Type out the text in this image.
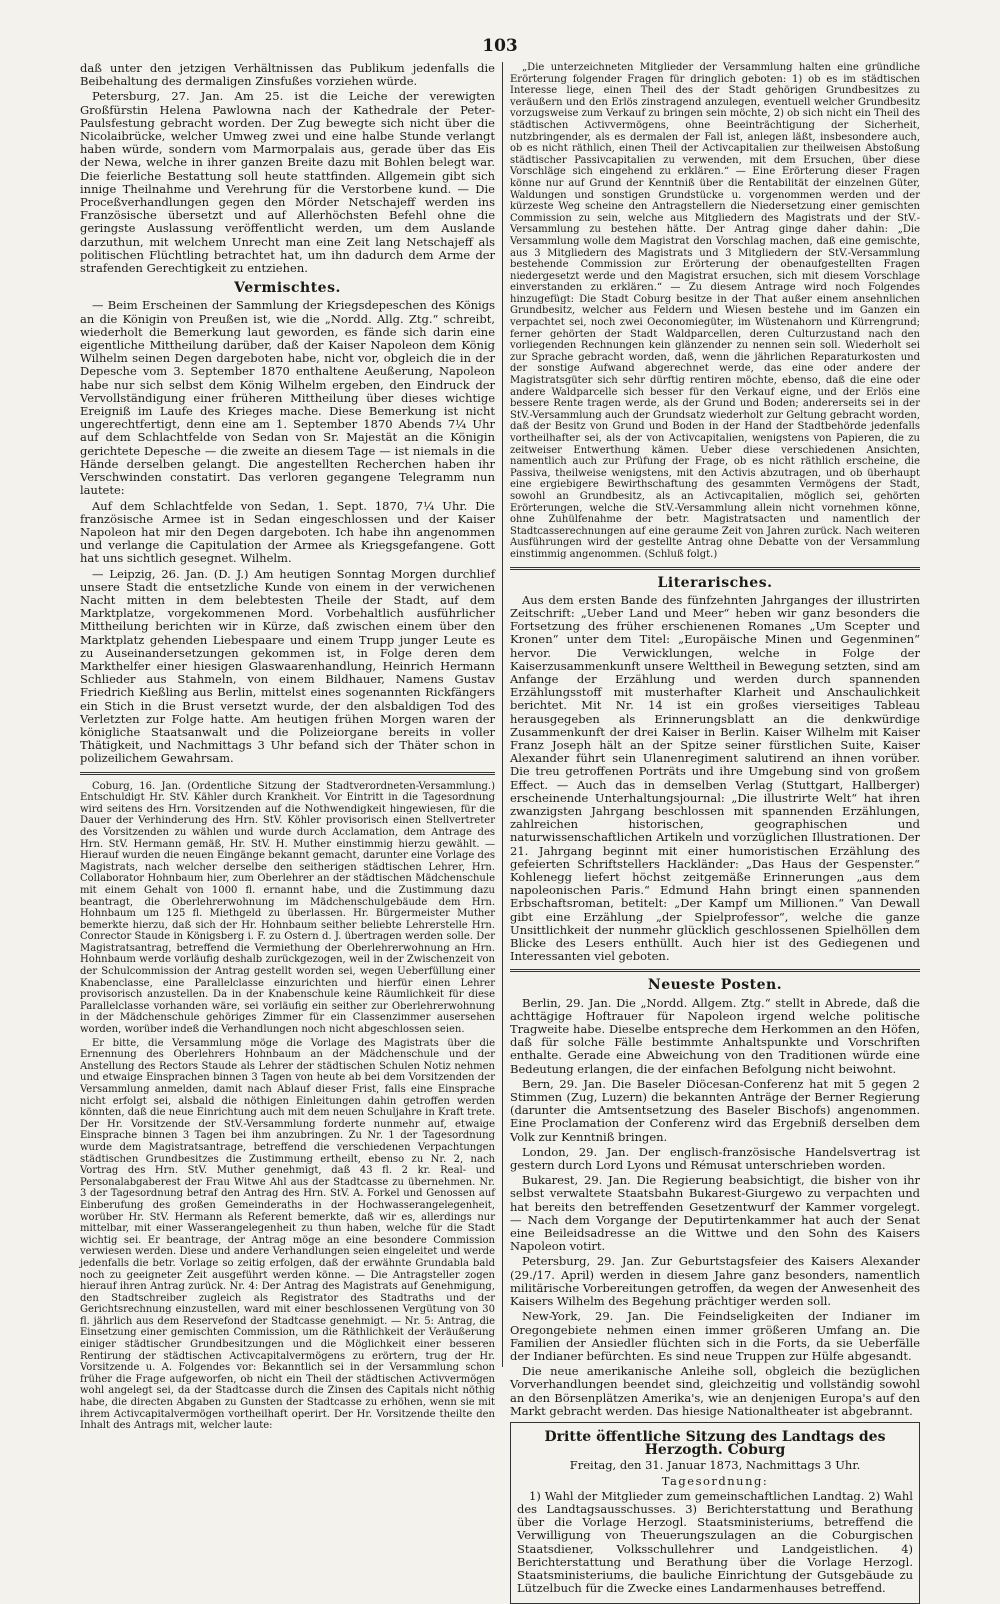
103

daß unter den jetzigen Verhältnissen das Publikum jedenfalls die Beibehaltung des dermaligen Zinsfußes vorziehen würde.

Petersburg, 27. Jan. Am 25. ist die Leiche der verewigten Großfürstin Helena Pawlowna nach der Kathedrale der Peter-Paulsfestung gebracht worden. Der Zug bewegte sich nicht über die Nicolaibrücke, welcher Umweg zwei und eine halbe Stunde verlangt haben würde, sondern vom Marmorpalais aus, gerade über das Eis der Newa, welche in ihrer ganzen Breite dazu mit Bohlen belegt war. Die feierliche Bestattung soll heute stattfinden. Allgemein gibt sich innige Theilnahme und Verehrung für die Verstorbene kund. — Die Proceßverhandlungen gegen den Mörder Netschajeff werden ins Französische übersetzt und auf Allerhöchsten Befehl ohne die geringste Auslassung veröffentlicht werden, um dem Auslande darzuthun, mit welchem Unrecht man eine Zeit lang Netschajeff als politischen Flüchtling betrachtet hat, um ihn dadurch dem Arme der strafenden Gerechtigkeit zu entziehen.

Vermischtes.

— Beim Erscheinen der Sammlung der Kriegsdepeschen des Königs an die Königin von Preußen ist, wie die „Nordd. Allg. Ztg.“ schreibt, wiederholt die Bemerkung laut geworden, es fände sich darin eine eigentliche Mittheilung darüber, daß der Kaiser Napoleon dem König Wilhelm seinen Degen dargeboten habe, nicht vor, obgleich die in der Depesche vom 3. September 1870 enthaltene Aeußerung, Napoleon habe nur sich selbst dem König Wilhelm ergeben, den Eindruck der Vervollständigung einer früheren Mittheilung über dieses wichtige Ereigniß im Laufe des Krieges mache. Diese Bemerkung ist nicht ungerechtfertigt, denn eine am 1. September 1870 Abends 7¼ Uhr auf dem Schlachtfelde von Sedan von Sr. Majestät an die Königin gerichtete Depesche — die zweite an diesem Tage — ist niemals in die Hände derselben gelangt. Die angestellten Recherchen haben ihr Verschwinden constatirt. Das verloren gegangene Telegramm nun lautete:

Auf dem Schlachtfelde von Sedan, 1. Sept. 1870, 7¼ Uhr. Die französische Armee ist in Sedan eingeschlossen und der Kaiser Napoleon hat mir den Degen dargeboten. Ich habe ihn angenommen und verlange die Capitulation der Armee als Kriegsgefangene. Gott hat uns sichtlich gesegnet. Wilhelm.

— Leipzig, 26. Jan. (D. J.) Am heutigen Sonntag Morgen durchlief unsere Stadt die entsetzliche Kunde von einem in der verwichenen Nacht mitten in dem belebtesten Theile der Stadt, auf dem Marktplatze, vorgekommenen Mord. Vorbehaltlich ausführlicher Mittheilung berichten wir in Kürze, daß zwischen einem über den Marktplatz gehenden Liebespaare und einem Trupp junger Leute es zu Auseinandersetzungen gekommen ist, in Folge deren dem Markthelfer einer hiesigen Glaswaarenhandlung, Heinrich Hermann Schlieder aus Stahmeln, von einem Bildhauer, Namens Gustav Friedrich Kießling aus Berlin, mittelst eines sogenannten Rickfängers ein Stich in die Brust versetzt wurde, der den alsbaldigen Tod des Verletzten zur Folge hatte. Am heutigen frühen Morgen waren der königliche Staatsanwalt und die Polizeiorgane bereits in voller Thätigkeit, und Nachmittags 3 Uhr befand sich der Thäter schon in polizeilichem Gewahrsam.

Coburg, 16. Jan. (Ordentliche Sitzung der Stadtverordneten-Versammlung.) Entschuldigt Hr. StV. Kähler durch Krankheit. Vor Eintritt in die Tagesordnung wird seitens des Hrn. Vorsitzenden auf die Nothwendigkeit hingewiesen, für die Dauer der Verhinderung des Hrn. StV. Köhler provisorisch einen Stellvertreter des Vorsitzenden zu wählen und wurde durch Acclamation, dem Antrage des Hrn. StV. Hermann gemäß, Hr. StV. H. Muther einstimmig hierzu gewählt. — Hierauf wurden die neuen Eingänge bekannt gemacht, darunter eine Vorlage des Magistrats, nach welcher derselbe den seitherigen städtischen Lehrer, Hrn. Collaborator Hohnbaum hier, zum Oberlehrer an der städtischen Mädchenschule mit einem Gehalt von 1000 fl. ernannt habe, und die Zustimmung dazu beantragt, die Oberlehrerwohnung im Mädchenschulgebäude dem Hrn. Hohnbaum um 125 fl. Miethgeld zu überlassen. Hr. Bürgermeister Muther bemerkte hierzu, daß sich der Hr. Hohnbaum seither beliebte Lehrerstelle Hrn. Conrector Staude in Königsberg i. F. zu Ostern d. J. übertragen werden solle. Der Magistratsantrag, betreffend die Vermiethung der Oberlehrerwohnung an Hrn. Hohnbaum werde vorläufig deshalb zurückgezogen, weil in der Zwischenzeit von der Schulcommission der Antrag gestellt worden sei, wegen Ueberfüllung einer Knabenclasse, eine Parallelclasse einzurichten und hierfür einen Lehrer provisorisch anzustellen. Da in der Knabenschule keine Räumlichkeit für diese Parallelclasse vorhanden wäre, sei vorläufig ein seither zur Oberlehrerwohnung in der Mädchenschule gehöriges Zimmer für ein Classenzimmer ausersehen worden, worüber indeß die Verhandlungen noch nicht abgeschlossen seien.

Er bitte, die Versammlung möge die Vorlage des Magistrats über die Ernennung des Oberlehrers Hohnbaum an der Mädchenschule und der Anstellung des Rectors Staude als Lehrer der städtischen Schulen Notiz nehmen und etwaige Einsprachen binnen 3 Tagen von heute ab bei dem Vorsitzenden der Versammlung anmelden, damit nach Ablauf dieser Frist, falls eine Einsprache nicht erfolgt sei, alsbald die nöthigen Einleitungen dahin getroffen werden könnten, daß die neue Einrichtung auch mit dem neuen Schuljahre in Kraft trete. Der Hr. Vorsitzende der StV.-Versammlung forderte nunmehr auf, etwaige Einsprache binnen 3 Tagen bei ihm anzubringen. Zu Nr. 1 der Tagesordnung wurde dem Magistratsantrage, betreffend die verschiedenen Verpachtungen städtischen Grundbesitzes die Zustimmung ertheilt, ebenso zu Nr. 2, nach Vortrag des Hrn. StV. Muther genehmigt, daß 43 fl. 2 kr. Real- und Personalabgaberest der Frau Witwe Ahl aus der Stadtcasse zu übernehmen. Nr. 3 der Tagesordnung betraf den Antrag des Hrn. StV. A. Forkel und Genossen auf Einberufung des großen Gemeinderaths in der Hochwasserangelegenheit, worüber Hr. StV. Hermann als Referent bemerkte, daß wir es, allerdings nur mittelbar, mit einer Wasserangelegenheit zu thun haben, welche für die Stadt wichtig sei. Er beantrage, der Antrag möge an eine besondere Commission verwiesen werden. Diese und andere Verhandlungen seien eingeleitet und werde jedenfalls die betr. Vorlage so zeitig erfolgen, daß der erwähnte Grundabla bald noch zu geeigneter Zeit ausgeführt werden könne. — Die Antragsteller zogen hierauf ihren Antrag zurück. Nr. 4: Der Antrag des Magistrats auf Genehmigung, den Stadtschreiber zugleich als Registrator des Stadtraths und der Gerichtsrechnung einzustellen, ward mit einer beschlossenen Vergütung von 30 fl. jährlich aus dem Reservefond der Stadtcasse genehmigt. — Nr. 5: Antrag, die Einsetzung einer gemischten Commission, um die Räthlichkeit der Veräußerung einiger städtischer Grundbesitzungen und die Möglichkeit einer besseren Rentirung der städtischen Activcapitalvermögens zu erörtern, trug der Hr. Vorsitzende u. A. Folgendes vor: Bekanntlich sei in der Versammlung schon früher die Frage aufgeworfen, ob nicht ein Theil der städtischen Activvermögen wohl angelegt sei, da der Stadtcasse durch die Zinsen des Capitals nicht nöthig habe, die directen Abgaben zu Gunsten der Stadtcasse zu erhöhen, wenn sie mit ihrem Activcapitalvermögen vortheilhaft operirt. Der Hr. Vorsitzende theilte den Inhalt des Antrags mit, welcher laute:

„Die unterzeichneten Mitglieder der Versammlung halten eine gründliche Erörterung folgender Fragen für dringlich geboten: 1) ob es im städtischen Interesse liege, einen Theil des der Stadt gehörigen Grundbesitzes zu veräußern und den Erlös zinstragend anzulegen, eventuell welcher Grundbesitz vorzugsweise zum Verkauf zu bringen sein möchte, 2) ob sich nicht ein Theil des städtischen Activvermögens, ohne Beeinträchtigung der Sicherheit, nutzbringender, als es dermalen der Fall ist, anlegen läßt, insbesondere auch, ob es nicht räthlich, einen Theil der Activcapitalien zur theilweisen Abstoßung städtischer Passivcapitalien zu verwenden, mit dem Ersuchen, über diese Vorschläge sich eingehend zu erklären.“ — Eine Erörterung dieser Fragen könne nur auf Grund der Kenntniß über die Rentabilität der einzelnen Güter, Waldungen und sonstigen Grundstücke u. vorgenommen werden und der kürzeste Weg scheine den Antragstellern die Niedersetzung einer gemischten Commission zu sein, welche aus Mitgliedern des Magistrats und der StV.-Versammlung zu bestehen hätte. Der Antrag ginge daher dahin: „Die Versammlung wolle dem Magistrat den Vorschlag machen, daß eine gemischte, aus 3 Mitgliedern des Magistrats und 3 Mitgliedern der StV.-Versammlung bestehende Commission zur Erörterung der obenaufgestellten Fragen niedergesetzt werde und den Magistrat ersuchen, sich mit diesem Vorschlage einverstanden zu erklären.“ — Zu diesem Antrage wird noch Folgendes hinzugefügt: Die Stadt Coburg besitze in der That außer einem ansehnlichen Grundbesitz, welcher aus Feldern und Wiesen bestehe und im Ganzen ein verpachtet sei, noch zwei Oeconomiegüter, im Wüstenahorn und Kürrengrund; ferner gehörten der Stadt Waldparcellen, deren Culturzustand nach den vorliegenden Rechnungen kein glänzender zu nennen sein soll. Wiederholt sei zur Sprache gebracht worden, daß, wenn die jährlichen Reparaturkosten und der sonstige Aufwand abgerechnet werde, das eine oder andere der Magistratsgüter sich sehr dürftig rentiren möchte, ebenso, daß die eine oder andere Waldparcelle sich besser für den Verkauf eigne, und der Erlös eine bessere Rente tragen werde, als der Grund und Boden; andererseits sei in der StV.-Versammlung auch der Grundsatz wiederholt zur Geltung gebracht worden, daß der Besitz von Grund und Boden in der Hand der Stadtbehörde jedenfalls vortheilhafter sei, als der von Activcapitalien, wenigstens von Papieren, die zu zeitweiser Entwerthung kämen. Ueber diese verschiedenen Ansichten, namentlich auch zur Prüfung der Frage, ob es nicht räthlich erscheine, die Passiva, theilweise wenigstens, mit den Activis abzutragen, und ob überhaupt eine ergiebigere Bewirthschaftung des gesammten Vermögens der Stadt, sowohl an Grundbesitz, als an Activcapitalien, möglich sei, gehörten Erörterungen, welche die StV.-Versammlung allein nicht vornehmen könne, ohne Zuhülfenahme der betr. Magistratsacten und namentlich der Stadtcasserechnungen auf eine geraume Zeit von Jahren zurück. Nach weiteren Ausführungen wird der gestellte Antrag ohne Debatte von der Versammlung einstimmig angenommen. (Schluß folgt.)

Literarisches.

Aus dem ersten Bande des fünfzehnten Jahrganges der illustrirten Zeitschrift: „Ueber Land und Meer“ heben wir ganz besonders die Fortsetzung des früher erschienenen Romanes „Um Scepter und Kronen“ unter dem Titel: „Europäische Minen und Gegenminen“ hervor. Die Verwicklungen, welche in Folge der Kaiserzusammenkunft unsere Welttheil in Bewegung setzten, sind am Anfange der Erzählung und werden durch spannenden Erzählungsstoff mit musterhafter Klarheit und Anschaulichkeit berichtet. Mit Nr. 14 ist ein großes vierseitiges Tableau herausgegeben als Erinnerungsblatt an die denkwürdige Zusammenkunft der drei Kaiser in Berlin. Kaiser Wilhelm mit Kaiser Franz Joseph hält an der Spitze seiner fürstlichen Suite, Kaiser Alexander führt sein Ulanenregiment salutirend an ihnen vorüber. Die treu getroffenen Porträts und ihre Umgebung sind von großem Effect. — Auch das in demselben Verlag (Stuttgart, Hallberger) erscheinende Unterhaltungsjournal: „Die illustrirte Welt“ hat ihren zwanzigsten Jahrgang beschlossen mit spannenden Erzählungen, zahlreichen historischen, geographischen und naturwissenschaftlichen Artikeln und vorzüglichen Illustrationen. Der 21. Jahrgang beginnt mit einer humoristischen Erzählung des gefeierten Schriftstellers Hackländer: „Das Haus der Gespenster.“ Kohlenegg liefert höchst zeitgemäße Erinnerungen „aus dem napoleonischen Paris.“ Edmund Hahn bringt einen spannenden Erbschaftsroman, betitelt: „Der Kampf um Millionen.“ Van Dewall gibt eine Erzählung „der Spielprofessor“, welche die ganze Unsittlichkeit der nunmehr glücklich geschlossenen Spielhöllen dem Blicke des Lesers enthüllt. Auch hier ist des Gediegenen und Interessanten viel geboten.

Neueste Posten.

Berlin, 29. Jan. Die „Nordd. Allgem. Ztg.“ stellt in Abrede, daß die achttägige Hoftrauer für Napoleon irgend welche politische Tragweite habe. Dieselbe entspreche dem Herkommen an den Höfen, daß für solche Fälle bestimmte Anhaltspunkte und Vorschriften enthalte. Gerade eine Abweichung von den Traditionen würde eine Bedeutung erlangen, die der einfachen Befolgung nicht beiwohnt.

Bern, 29. Jan. Die Baseler Diöcesan-Conferenz hat mit 5 gegen 2 Stimmen (Zug, Luzern) die bekannten Anträge der Berner Regierung (darunter die Amtsentsetzung des Baseler Bischofs) angenommen. Eine Proclamation der Conferenz wird das Ergebniß derselben dem Volk zur Kenntniß bringen.

London, 29. Jan. Der englisch-französische Handelsvertrag ist gestern durch Lord Lyons und Rémusat unterschrieben worden.

Bukarest, 29. Jan. Die Regierung beabsichtigt, die bisher von ihr selbst verwaltete Staatsbahn Bukarest-Giurgewo zu verpachten und hat bereits den betreffenden Gesetzentwurf der Kammer vorgelegt. — Nach dem Vorgange der Deputirtenkammer hat auch der Senat eine Beileidsadresse an die Wittwe und den Sohn des Kaisers Napoleon votirt.

Petersburg, 29. Jan. Zur Geburtstagsfeier des Kaisers Alexander (29./17. April) werden in diesem Jahre ganz besonders, namentlich militärische Vorbereitungen getroffen, da wegen der Anwesenheit des Kaisers Wilhelm des Begehung prächtiger werden soll.

New-York, 29. Jan. Die Feindseligkeiten der Indianer im Oregongebiete nehmen einen immer größeren Umfang an. Die Familien der Ansiedler flüchten sich in die Forts, da sie Ueberfälle der Indianer befürchten. Es sind neue Truppen zur Hülfe abgesandt.

Die neue amerikanische Anleihe soll, obgleich die bezüglichen Vorverhandlungen beendet sind, gleichzeitig und vollständig sowohl an den Börsenplätzen Amerika's, wie an denjenigen Europa's auf den Markt gebracht werden. Das hiesige Nationaltheater ist abgebrannt.

Dritte öffentliche Sitzung des Landtags des Herzogth. Coburg

Freitag, den 31. Januar 1873, Nachmittags 3 Uhr.

Tagesordnung:

1) Wahl der Mitglieder zum gemeinschaftlichen Landtag. 2) Wahl des Landtagsausschusses. 3) Berichterstattung und Berathung über die Vorlage Herzogl. Staatsministeriums, betreffend die Verwilligung von Theuerungszulagen an die Coburgischen Staatsdiener, Volksschullehrer und Landgeistlichen. 4) Berichterstattung und Berathung über die Vorlage Herzogl. Staatsministeriums, die bauliche Einrichtung der Gutsgebäude zu Lützelbuch für die Zwecke eines Landarmenhauses betreffend.
